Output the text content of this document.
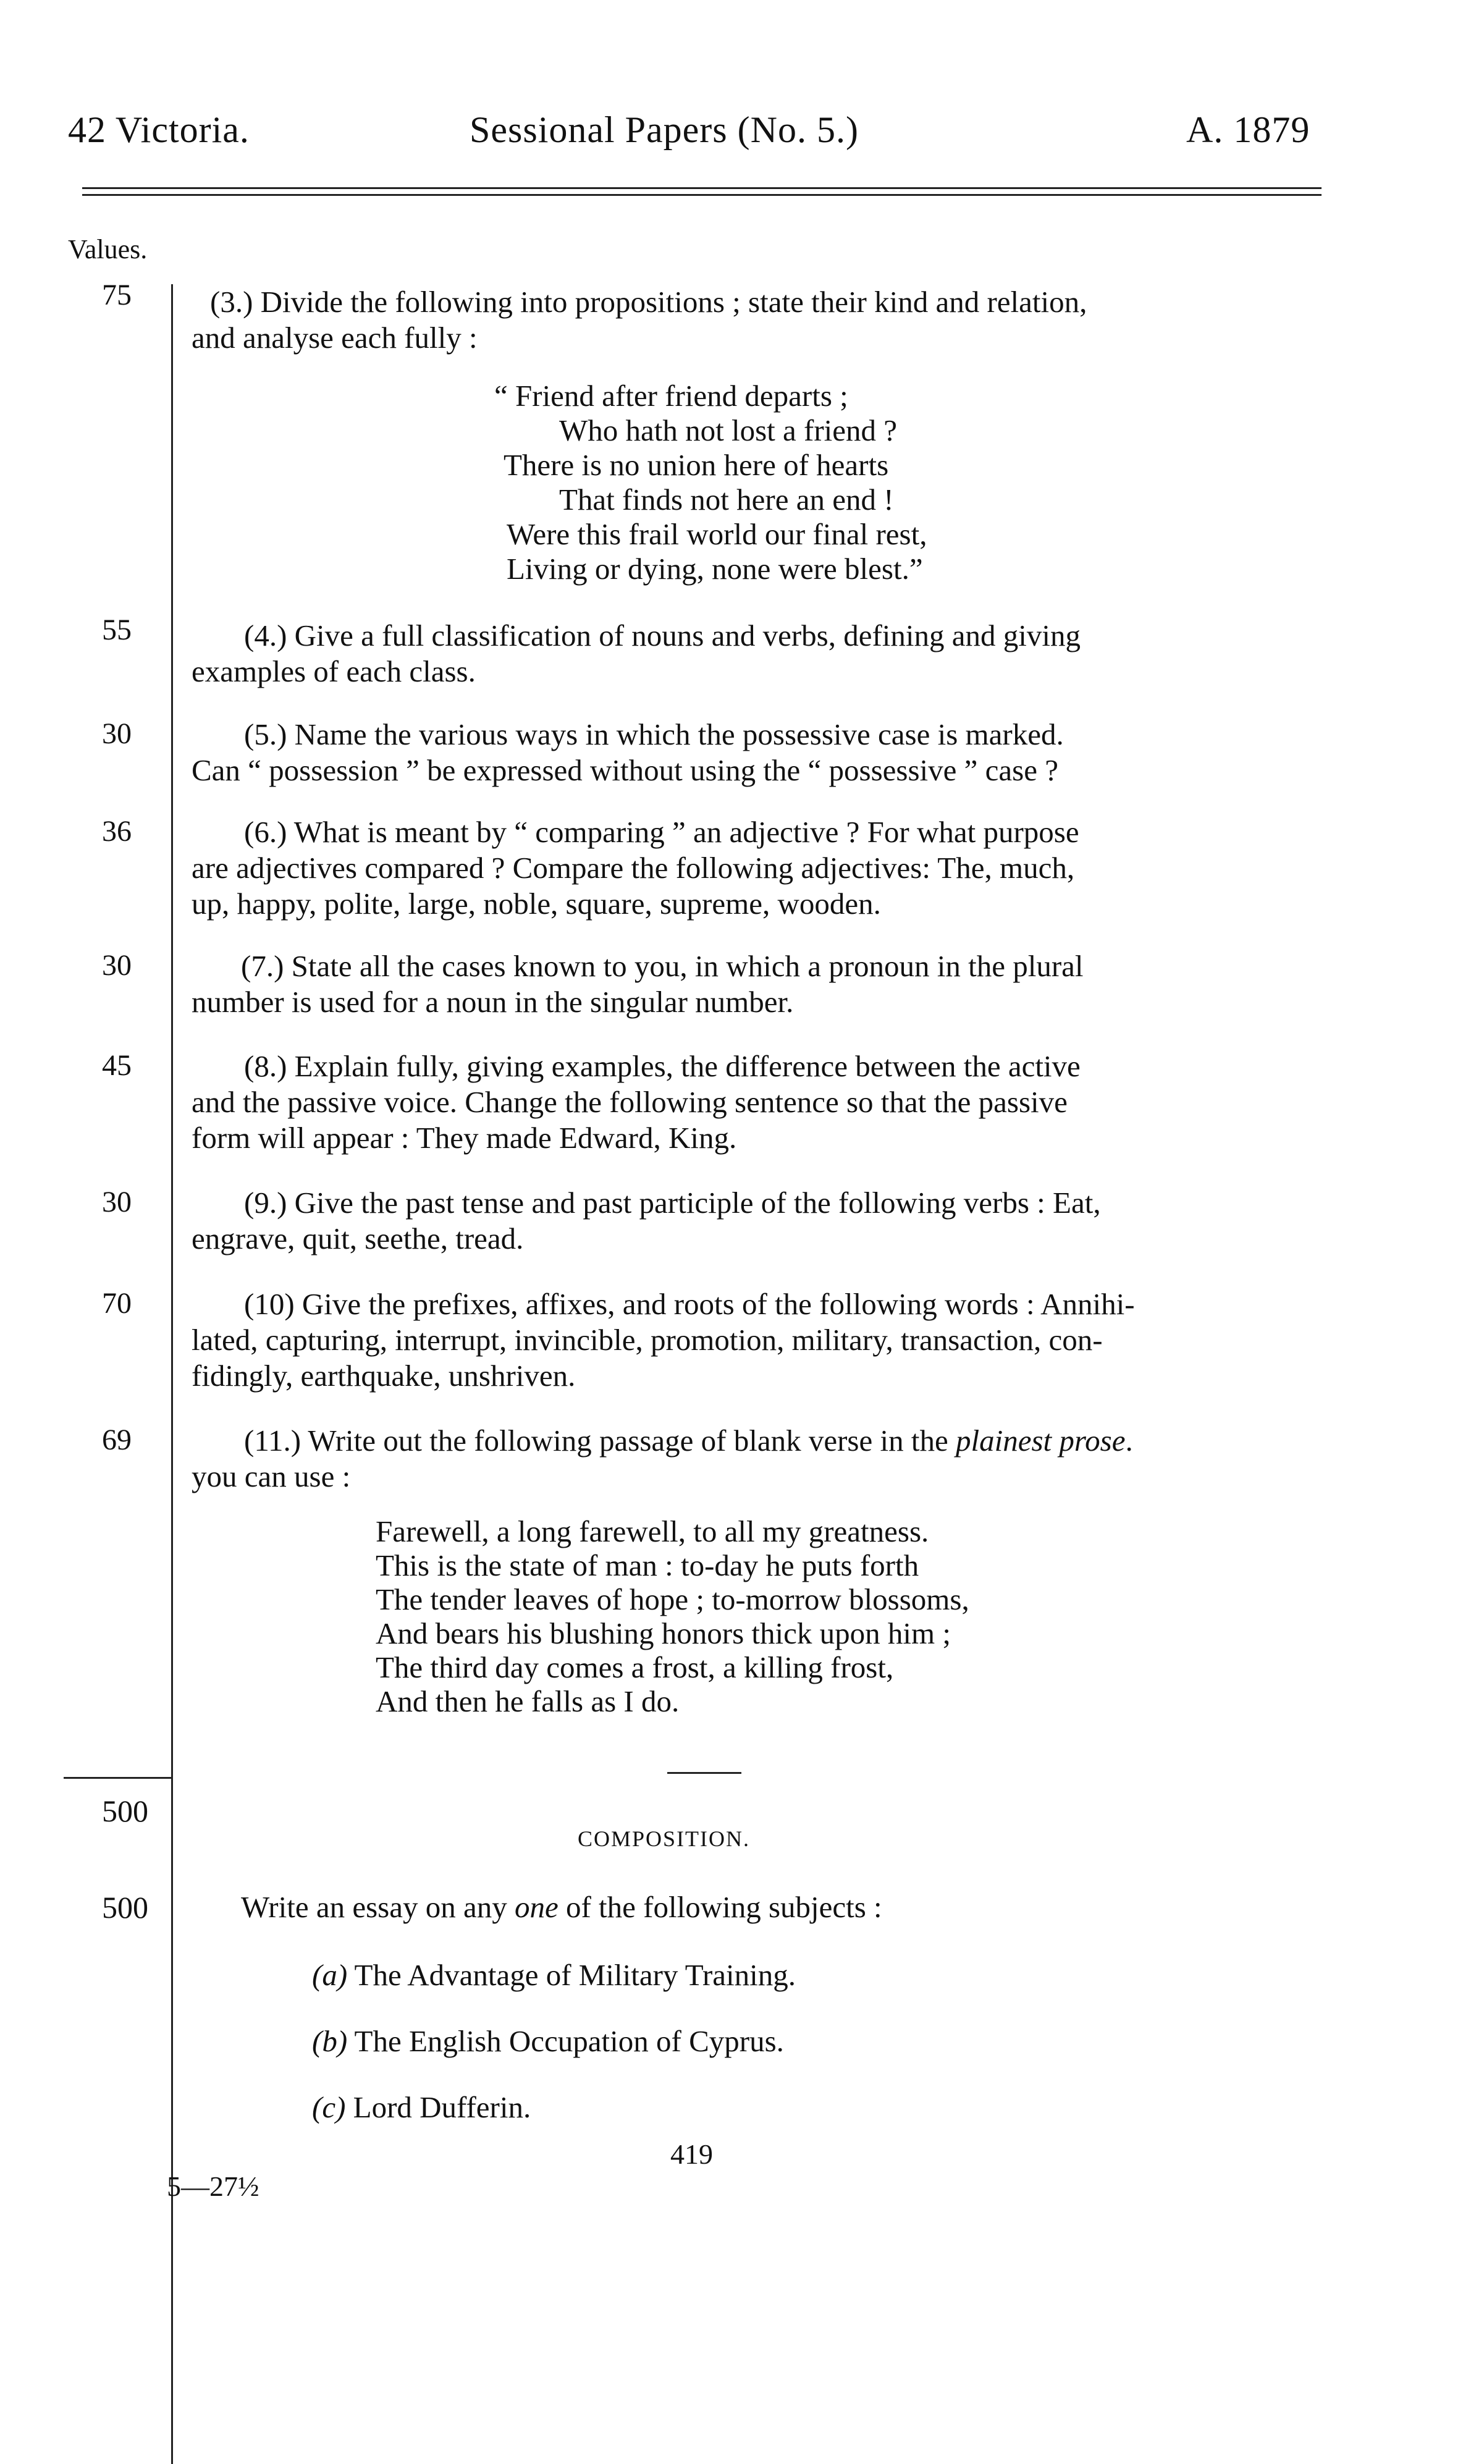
42 Victoria.	Sessional Papers (No. 5.)	A. 1879
Values.
75	(3.) Divide the following into propositions ; state their kind and relation,
and analyse each fully :
“ Friend after friend departs ;
Who hath not lost a friend ?
There is no union here of hearts
That finds not here an end !
Were this frail world our final rest,
Living or dying, none were blest.”
55	(4.) Give a full classification of nouns and verbs, defining and giving
examples of each class.
30	(5.) Name the various ways in which the possessive case is marked.
Can “ possession ” be expressed without using the “ possessive ” case ?
36	(6.) What is meant by “ comparing ” an adjective ? For what purpose
are adjectives compared ? Compare the following adjectives: The, much,
up, happy, polite, large, noble, square, supreme, wooden.
30	(7.) State all the cases known to you, in which a pronoun in the plural
number is used for a noun in the singular number.
45	(8.) Explain fully, giving examples, the difference between the active
and the passive voice. Change the following sentence so that the passive
form will appear : They made Edward, King.
30	(9.) Give the past tense and past participle of the following verbs : Eat,
engrave, quit, seethe, tread.
70	(10) Give the prefixes, affixes, and roots of the following words : Annihi-
lated, capturing, interrupt, invincible, promotion, military, transaction, con-
fidingly, earthquake, unshriven.
69	(11.) Write out the following passage of blank verse in the plainest prose.
you can use :
Farewell, a long farewell, to all my greatness.
This is the state of man : to-day he puts forth
The tender leaves of hope ; to-morrow blossoms,
And bears his blushing honors thick upon him ;
The third day comes a frost, a killing frost,
And then he falls as I do.
500
COMPOSITION.
500	Write an essay on any one of the following subjects :
(a) The Advantage of Military Training.
(b) The English Occupation of Cyprus.
(c) Lord Dufferin.
419
5—27½
